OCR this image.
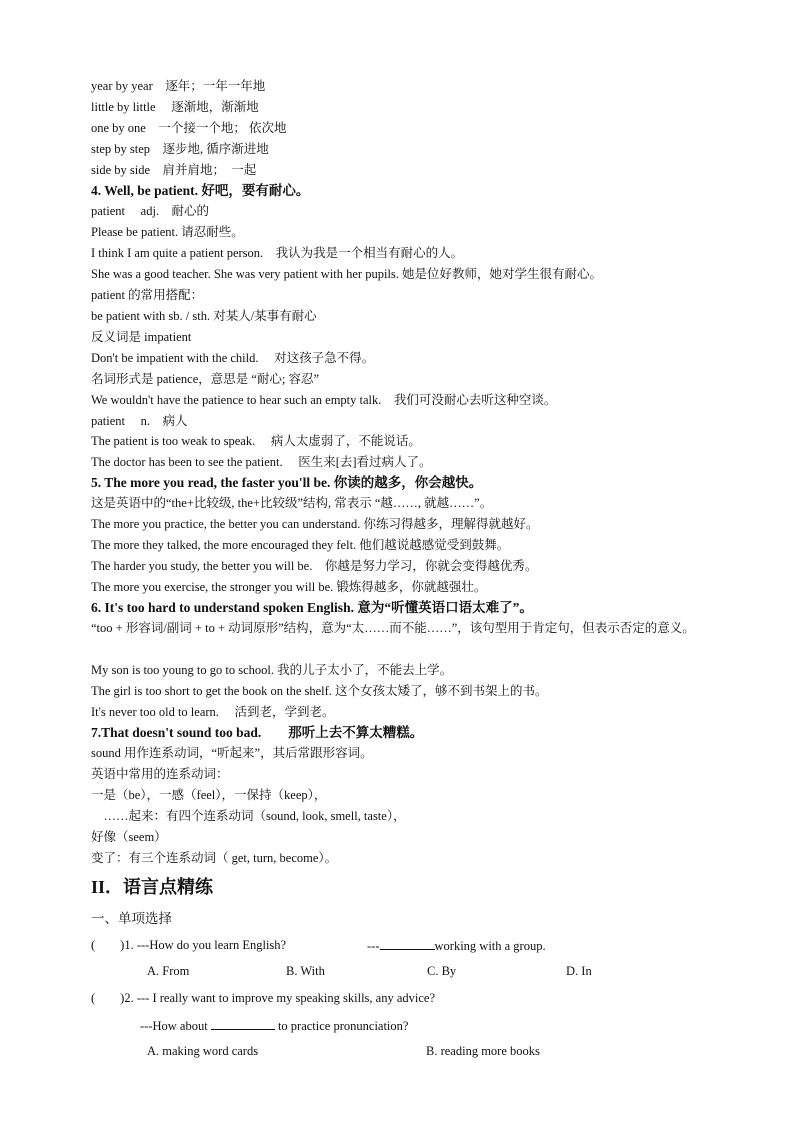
year by year　逐年；一年一年地
little by little　 逐渐地，渐渐地
one by one　一个接一个地； 依次地
step by step　逐步地, 循序渐进地
side by side　肩并肩地；　一起
4. Well, be patient. 好吧，要有耐心。
patient　 adj.　耐心的
Please be patient. 请忍耐些。
I think I am quite a patient person.　我认为我是一个相当有耐心的人。
She was a good teacher. She was very patient with her pupils. 她是位好教师，她对学生很有耐心。
patient 的常用搭配：
be patient with sb. / sth. 对某人/某事有耐心
反义词是 impatient
Don't be impatient with the child.　 对这孩子急不得。
名词形式是 patience，意思是 “耐心; 容忍”
We wouldn't have the patience to hear such an empty talk.　我们可没耐心去听这种空谈。
patient　 n.　病人
The patient is too weak to speak.　 病人太虚弱了，不能说话。
The doctor has been to see the patient.　 医生来[去]看过病人了。
5. The more you read, the faster you'll be. 你读的越多，你会越快。
这是英语中的“the+比较级, the+比较级”结构, 常表示 “越……, 就越……”。
The more you practice, the better you can understand. 你练习得越多，理解得就越好。
The more they talked, the more encouraged they felt. 他们越说越感觉受到鼓舞。
The harder you study, the better you will be.　你越是努力学习，你就会变得越优秀。
The more you exercise, the stronger you will be. 锻炼得越多，你就越强壮。
6. It's too hard to understand spoken English. 意为“听懂英语口语太难了”。
“too + 形容词/副词 + to + 动词原形”结构，意为“太……而不能……”，该句型用于肯定句，但表示否定的意义。
My son is too young to go to school. 我的儿子太小了，不能去上学。
The girl is too short to get the book on the shelf. 这个女孩太矮了，够不到书架上的书。
It's never too old to learn.　 活到老，学到老。
7.That doesn't sound too bad.　　那听上去不算太糟糕。
sound 用作连系动词，“听起来”，其后常跟形容词。
英语中常用的连系动词：
一是（be），一感（feel），一保持（keep），
　……起来：有四个连系动词（sound, look, smell, taste），
好像（seem）
变了：有三个连系动词（ get, turn, become）。
II．语言点精练
一、单项选择
(　　)1. ---How do you learn English?	---	working with a group.
A. From	B. With	C. By	D. In
(　　)2. --- I really want to improve my speaking skills, any advice?
---How about	to practice pronunciation?
A. making word cards	B. reading more books
